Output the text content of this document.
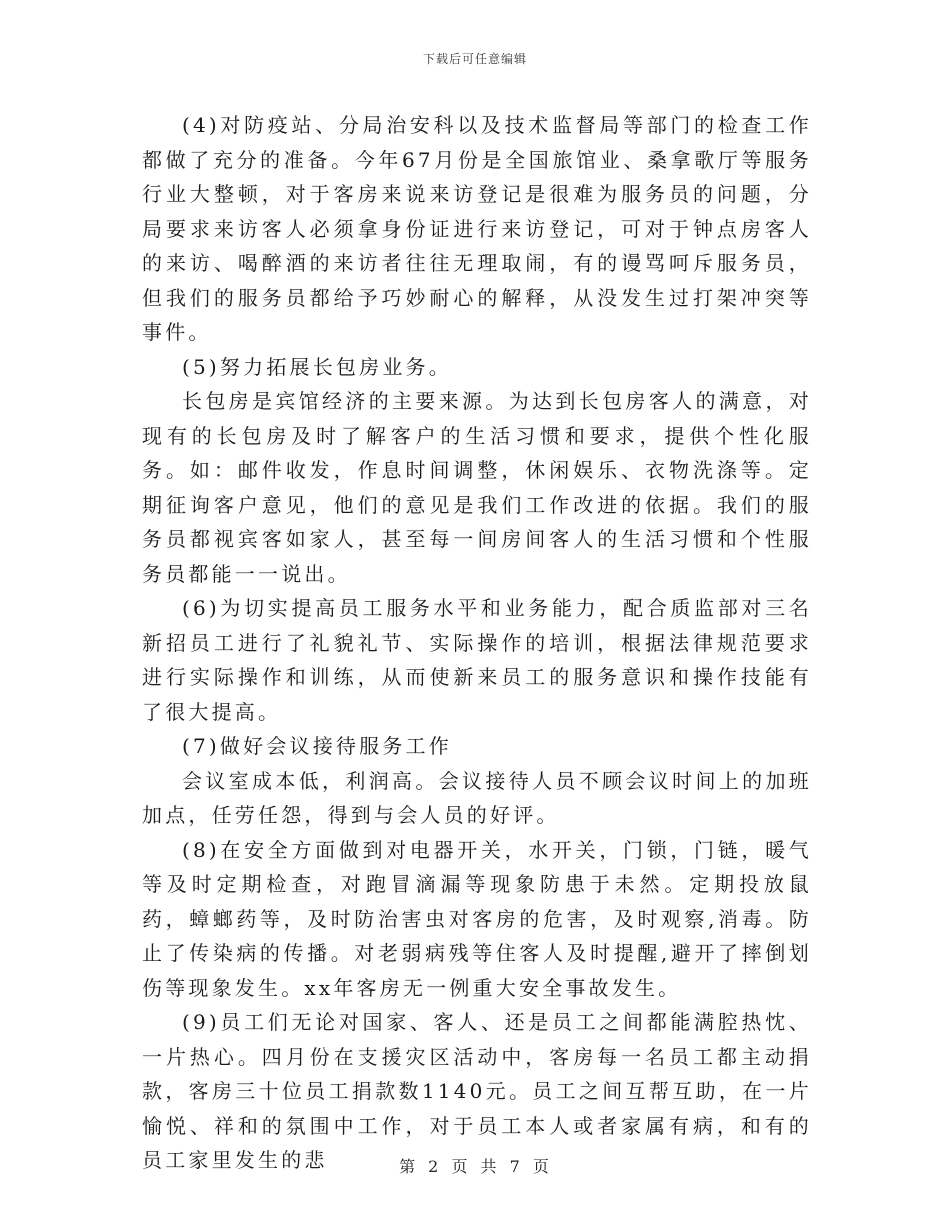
下载后可任意编辑

(4)对防疫站、分局治安科以及技术监督局等部门的检查工作都做了充分的准备。今年67月份是全国旅馆业、桑拿歌厅等服务行业大整顿，对于客房来说来访登记是很难为服务员的问题，分局要求来访客人必须拿身份证进行来访登记，可对于钟点房客人的来访、喝醉酒的来访者往往无理取闹，有的谩骂呵斥服务员，但我们的服务员都给予巧妙耐心的解释，从没发生过打架冲突等事件。

(5)努力拓展长包房业务。

长包房是宾馆经济的主要来源。为达到长包房客人的满意，对现有的长包房及时了解客户的生活习惯和要求，提供个性化服务。如：邮件收发，作息时间调整，休闲娱乐、衣物洗涤等。定期征询客户意见，他们的意见是我们工作改进的依据。我们的服务员都视宾客如家人，甚至每一间房间客人的生活习惯和个性服务员都能一一说出。

(6)为切实提高员工服务水平和业务能力，配合质监部对三名新招员工进行了礼貌礼节、实际操作的培训，根据法律规范要求进行实际操作和训练，从而使新来员工的服务意识和操作技能有了很大提高。

(7)做好会议接待服务工作

会议室成本低，利润高。会议接待人员不顾会议时间上的加班加点，任劳任怨，得到与会人员的好评。

(8)在安全方面做到对电器开关，水开关，门锁，门链，暖气等及时定期检查，对跑冒滴漏等现象防患于未然。定期投放鼠药，蟑螂药等，及时防治害虫对客房的危害，及时观察,消毒。防止了传染病的传播。对老弱病残等住客人及时提醒,避开了摔倒划伤等现象发生。xx年客房无一例重大安全事故发生。

(9)员工们无论对国家、客人、还是员工之间都能满腔热忱、一片热心。四月份在支援灾区活动中，客房每一名员工都主动捐款，客房三十位员工捐款数1140元。员工之间互帮互助，在一片愉悦、祥和的氛围中工作，对于员工本人或者家属有病，和有的员工家里发生的悲	第 2 页 共 7 页
